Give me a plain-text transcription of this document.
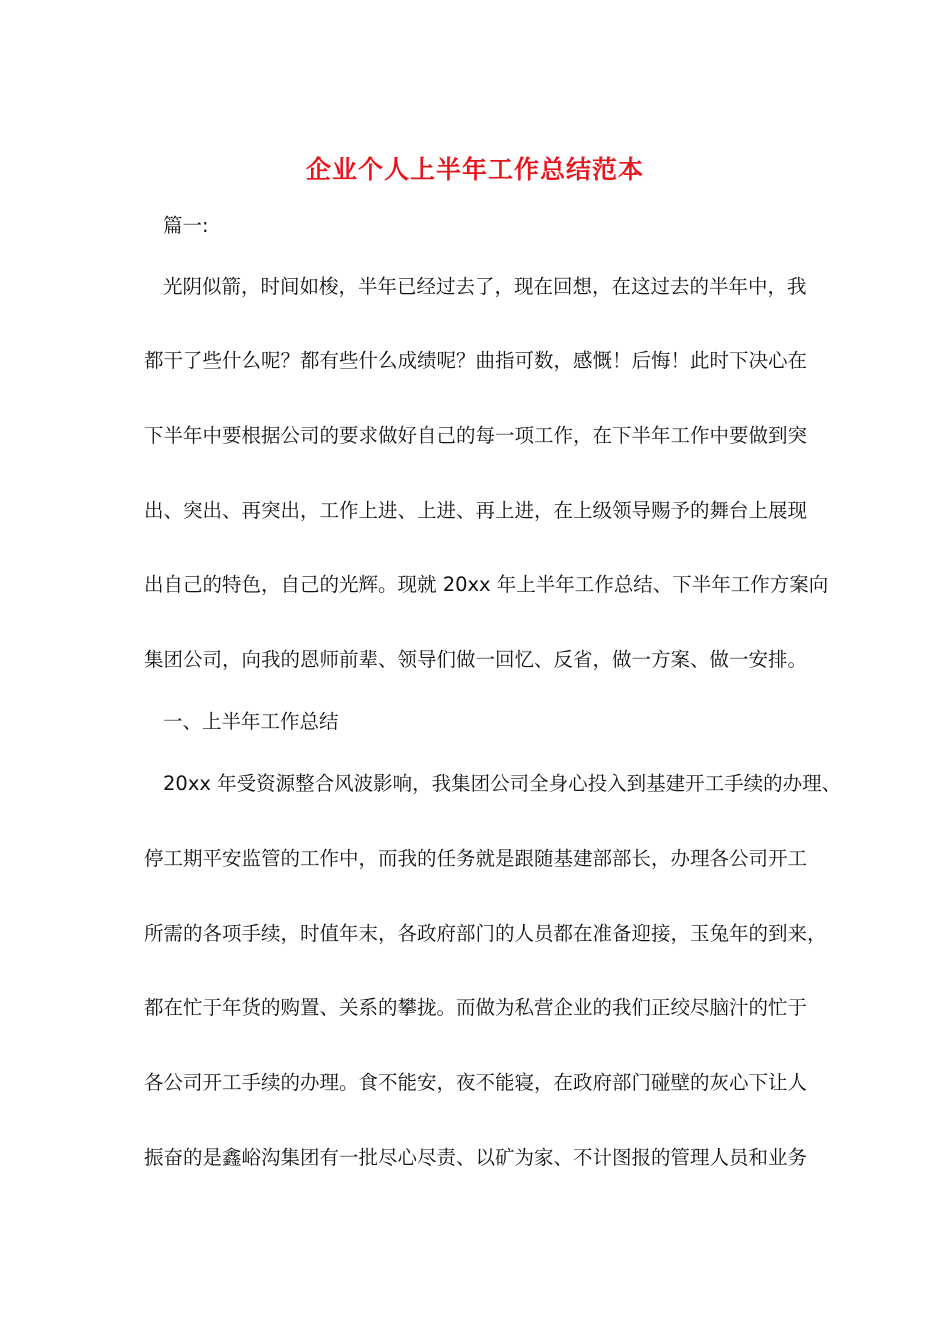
企业个人上半年工作总结范本
篇一:
光阴似箭，时间如梭，半年已经过去了，现在回想，在这过去的半年中，我
都干了些什么呢？都有些什么成绩呢？曲指可数，感慨！后悔！此时下决心在
下半年中要根据公司的要求做好自己的每一项工作，在下半年工作中要做到突
出、突出、再突出，工作上进、上进、再上进，在上级领导赐予的舞台上展现
出自己的特色，自己的光辉。现就 20xx 年上半年工作总结、下半年工作方案向
集团公司，向我的恩师前辈、领导们做一回忆、反省，做一方案、做一安排。
一、上半年工作总结
20xx 年受资源整合风波影响，我集团公司全身心投入到基建开工手续的办理、
停工期平安监管的工作中，而我的任务就是跟随基建部部长，办理各公司开工
所需的各项手续，时值年末，各政府部门的人员都在准备迎接，玉兔年的到来，
都在忙于年货的购置、关系的攀拢。而做为私营企业的我们正绞尽脑汁的忙于
各公司开工手续的办理。食不能安，夜不能寝，在政府部门碰壁的灰心下让人
振奋的是鑫峪沟集团有一批尽心尽责、以矿为家、不计图报的管理人员和业务
